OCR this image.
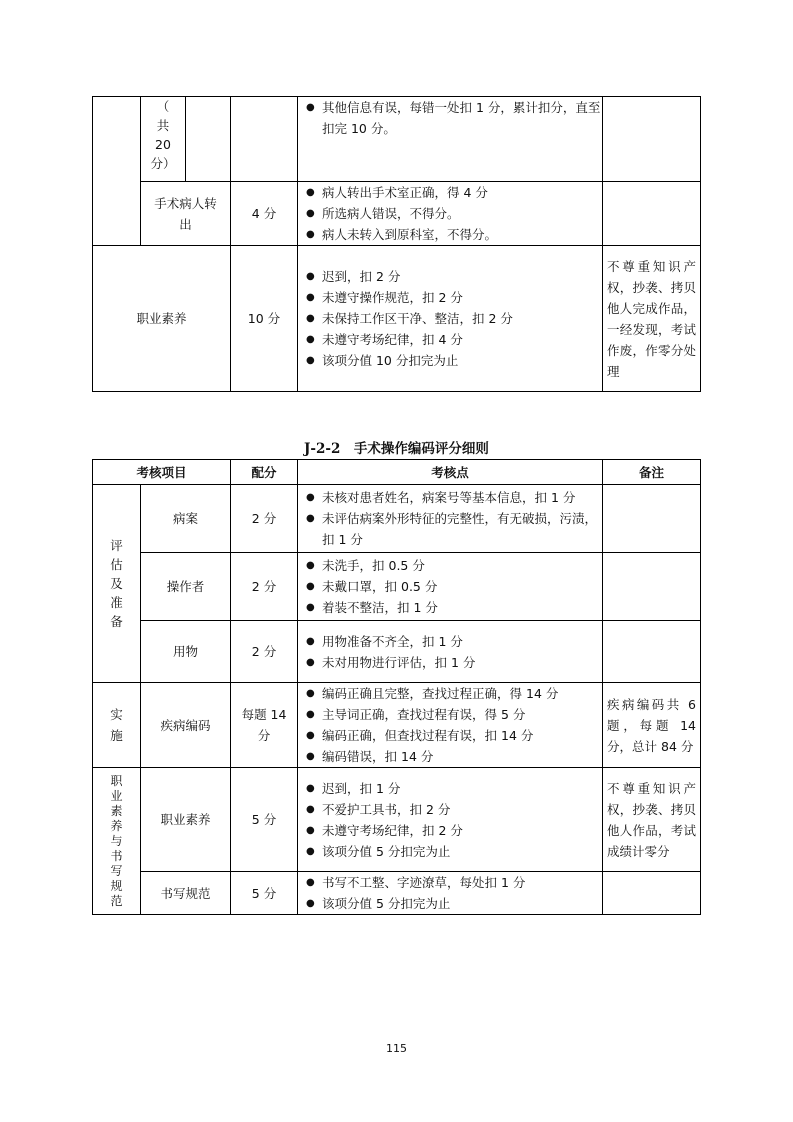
	（
共
20
分）			● 其他信息有误，每错一处扣 1 分，累计扣分，直至扣完 10 分。

	手术病人转出		4 分	● 病人转出手术室正确，得 4 分
● 所选病人错误，不得分。
● 病人未转入到原科室，不得分。

职业素养			10 分	● 迟到，扣 2 分
● 未遵守操作规范，扣 2 分
● 未保持工作区干净、整洁，扣 2 分
● 未遵守考场纪律，扣 4 分
● 该项分值 10 分扣完为止	不尊重知识产权，抄袭、拷贝他人完成作品，一经发现，考试作废，作零分处理
J-2-2　手术操作编码评分细则
考核项目		配分	考核点	备注

评估及准备	病案	2 分	● 未核对患者姓名，病案号等基本信息，扣 1 分
● 未评估病案外形特征的完整性，有无破损，污渍，扣 1 分

	操作者	2 分	● 未洗手，扣 0.5 分
● 未戴口罩，扣 0.5 分
● 着装不整洁，扣 1 分

	用物	2 分	● 用物准备不齐全，扣 1 分
● 未对用物进行评估，扣 1 分

实施	疾病编码	每题 14 分	● 编码正确且完整，查找过程正确，得 14 分
● 主导词正确，查找过程有误，得 5 分
● 编码正确，但查找过程有误，扣 14 分
● 编码错误，扣 14 分	疾病编码共 6 题，每题 14 分，总计 84 分

职业素养与书写规范	职业素养	5 分	● 迟到，扣 1 分
● 不爱护工具书，扣 2 分
● 未遵守考场纪律，扣 2 分
● 该项分值 5 分扣完为止	不尊重知识产权，抄袭、拷贝他人作品，考试成绩计零分
	书写规范	5 分	● 书写不工整、字迹潦草，每处扣 1 分
● 该项分值 5 分扣完为止

115
